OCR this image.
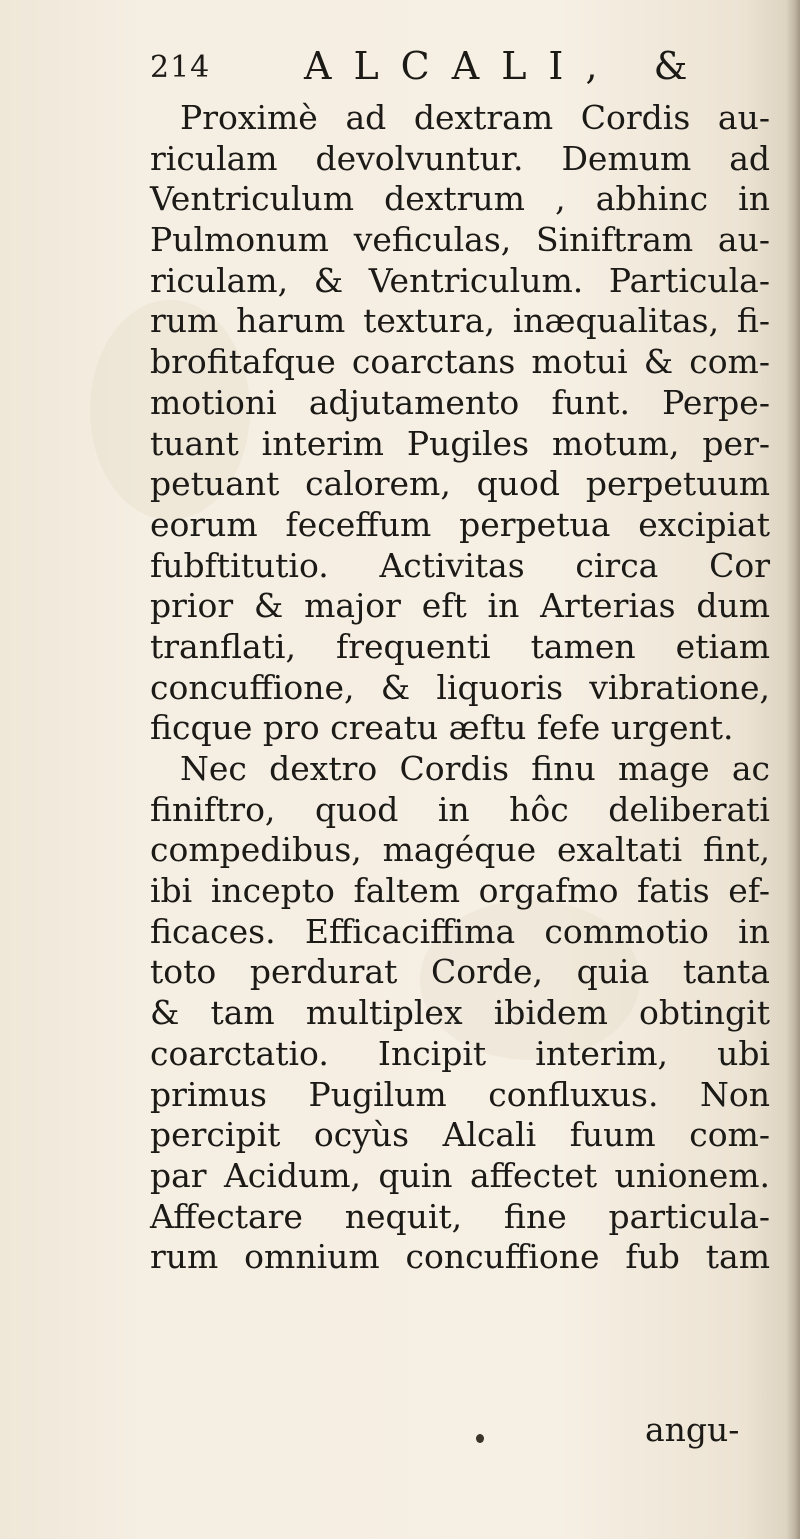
214 ALCALI, &
Proximè ad dextram Cordis au-
riculam devolvuntur. Demum ad
Ventriculum dextrum , abhinc in
Pulmonum veficulas, Siniftram au-
riculam, & Ventriculum. Particula-
rum harum textura, inæqualitas, fi-
brofitafque coarctans motui & com-
motioni adjutamento funt. Perpe-
tuant interim Pugiles motum, per-
petuant calorem, quod perpetuum
eorum feceffum perpetua excipiat
fubftitutio. Activitas circa Cor
prior & major eft in Arterias dum
tranflati, frequenti tamen etiam
concuffione, & liquoris vibratione,
ficque pro creatu æftu fefe urgent.
Nec dextro Cordis finu mage ac
finiftro, quod in hôc deliberati
compedibus, magéque exaltati fint,
ibi incepto faltem orgafmo fatis ef-
ficaces. Efficaciffima commotio in
toto perdurat Corde, quia tanta
& tam multiplex ibidem obtingit
coarctatio. Incipit interim, ubi
primus Pugilum confluxus. Non
percipit ocyùs Alcali fuum com-
par Acidum, quin affectet unionem.
Affectare nequit, fine particula-
rum omnium concuffione fub tam
angu-
